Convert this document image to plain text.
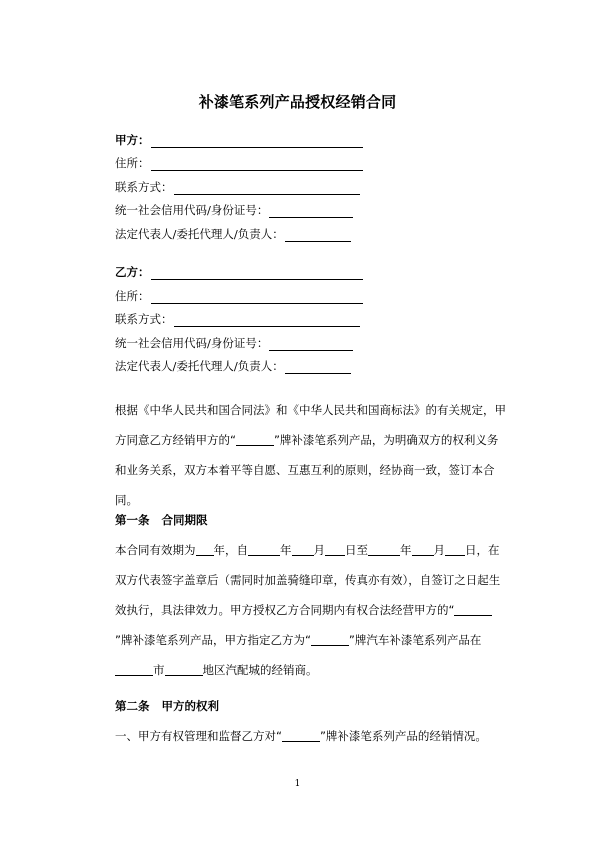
补漆笔系列产品授权经销合同
甲方：
住所：
联系方式：
统一社会信用代码/身份证号：
法定代表人/委托代理人/负责人：
乙方：
住所：
联系方式：
统一社会信用代码/身份证号：
法定代表人/委托代理人/负责人：

根据《中华人民共和国合同法》和《中华人民共和国商标法》的有关规定，甲方同意乙方经销甲方的“	”牌补漆笔系列产品，为明确双方的权利义务和业务关系，双方本着平等自愿、互惠互利的原则，经协商一致，签订本合同。

第一条 合同期限

本合同有效期为 年，自	年 月 日至	年 月 日，在双方代表签字盖章后（需同时加盖骑缝印章，传真亦有效），自签订之日起生效执行，具法律效力。甲方授权乙方合同期内有权合法经营甲方的“”牌补漆笔系列产品，甲方指定乙方为“	”牌汽车补漆笔系列产品在市	地区汽配城的经销商。

第二条 甲方的权利

一、甲方有权管理和监督乙方对“	”牌补漆笔系列产品的经销情况。

1
